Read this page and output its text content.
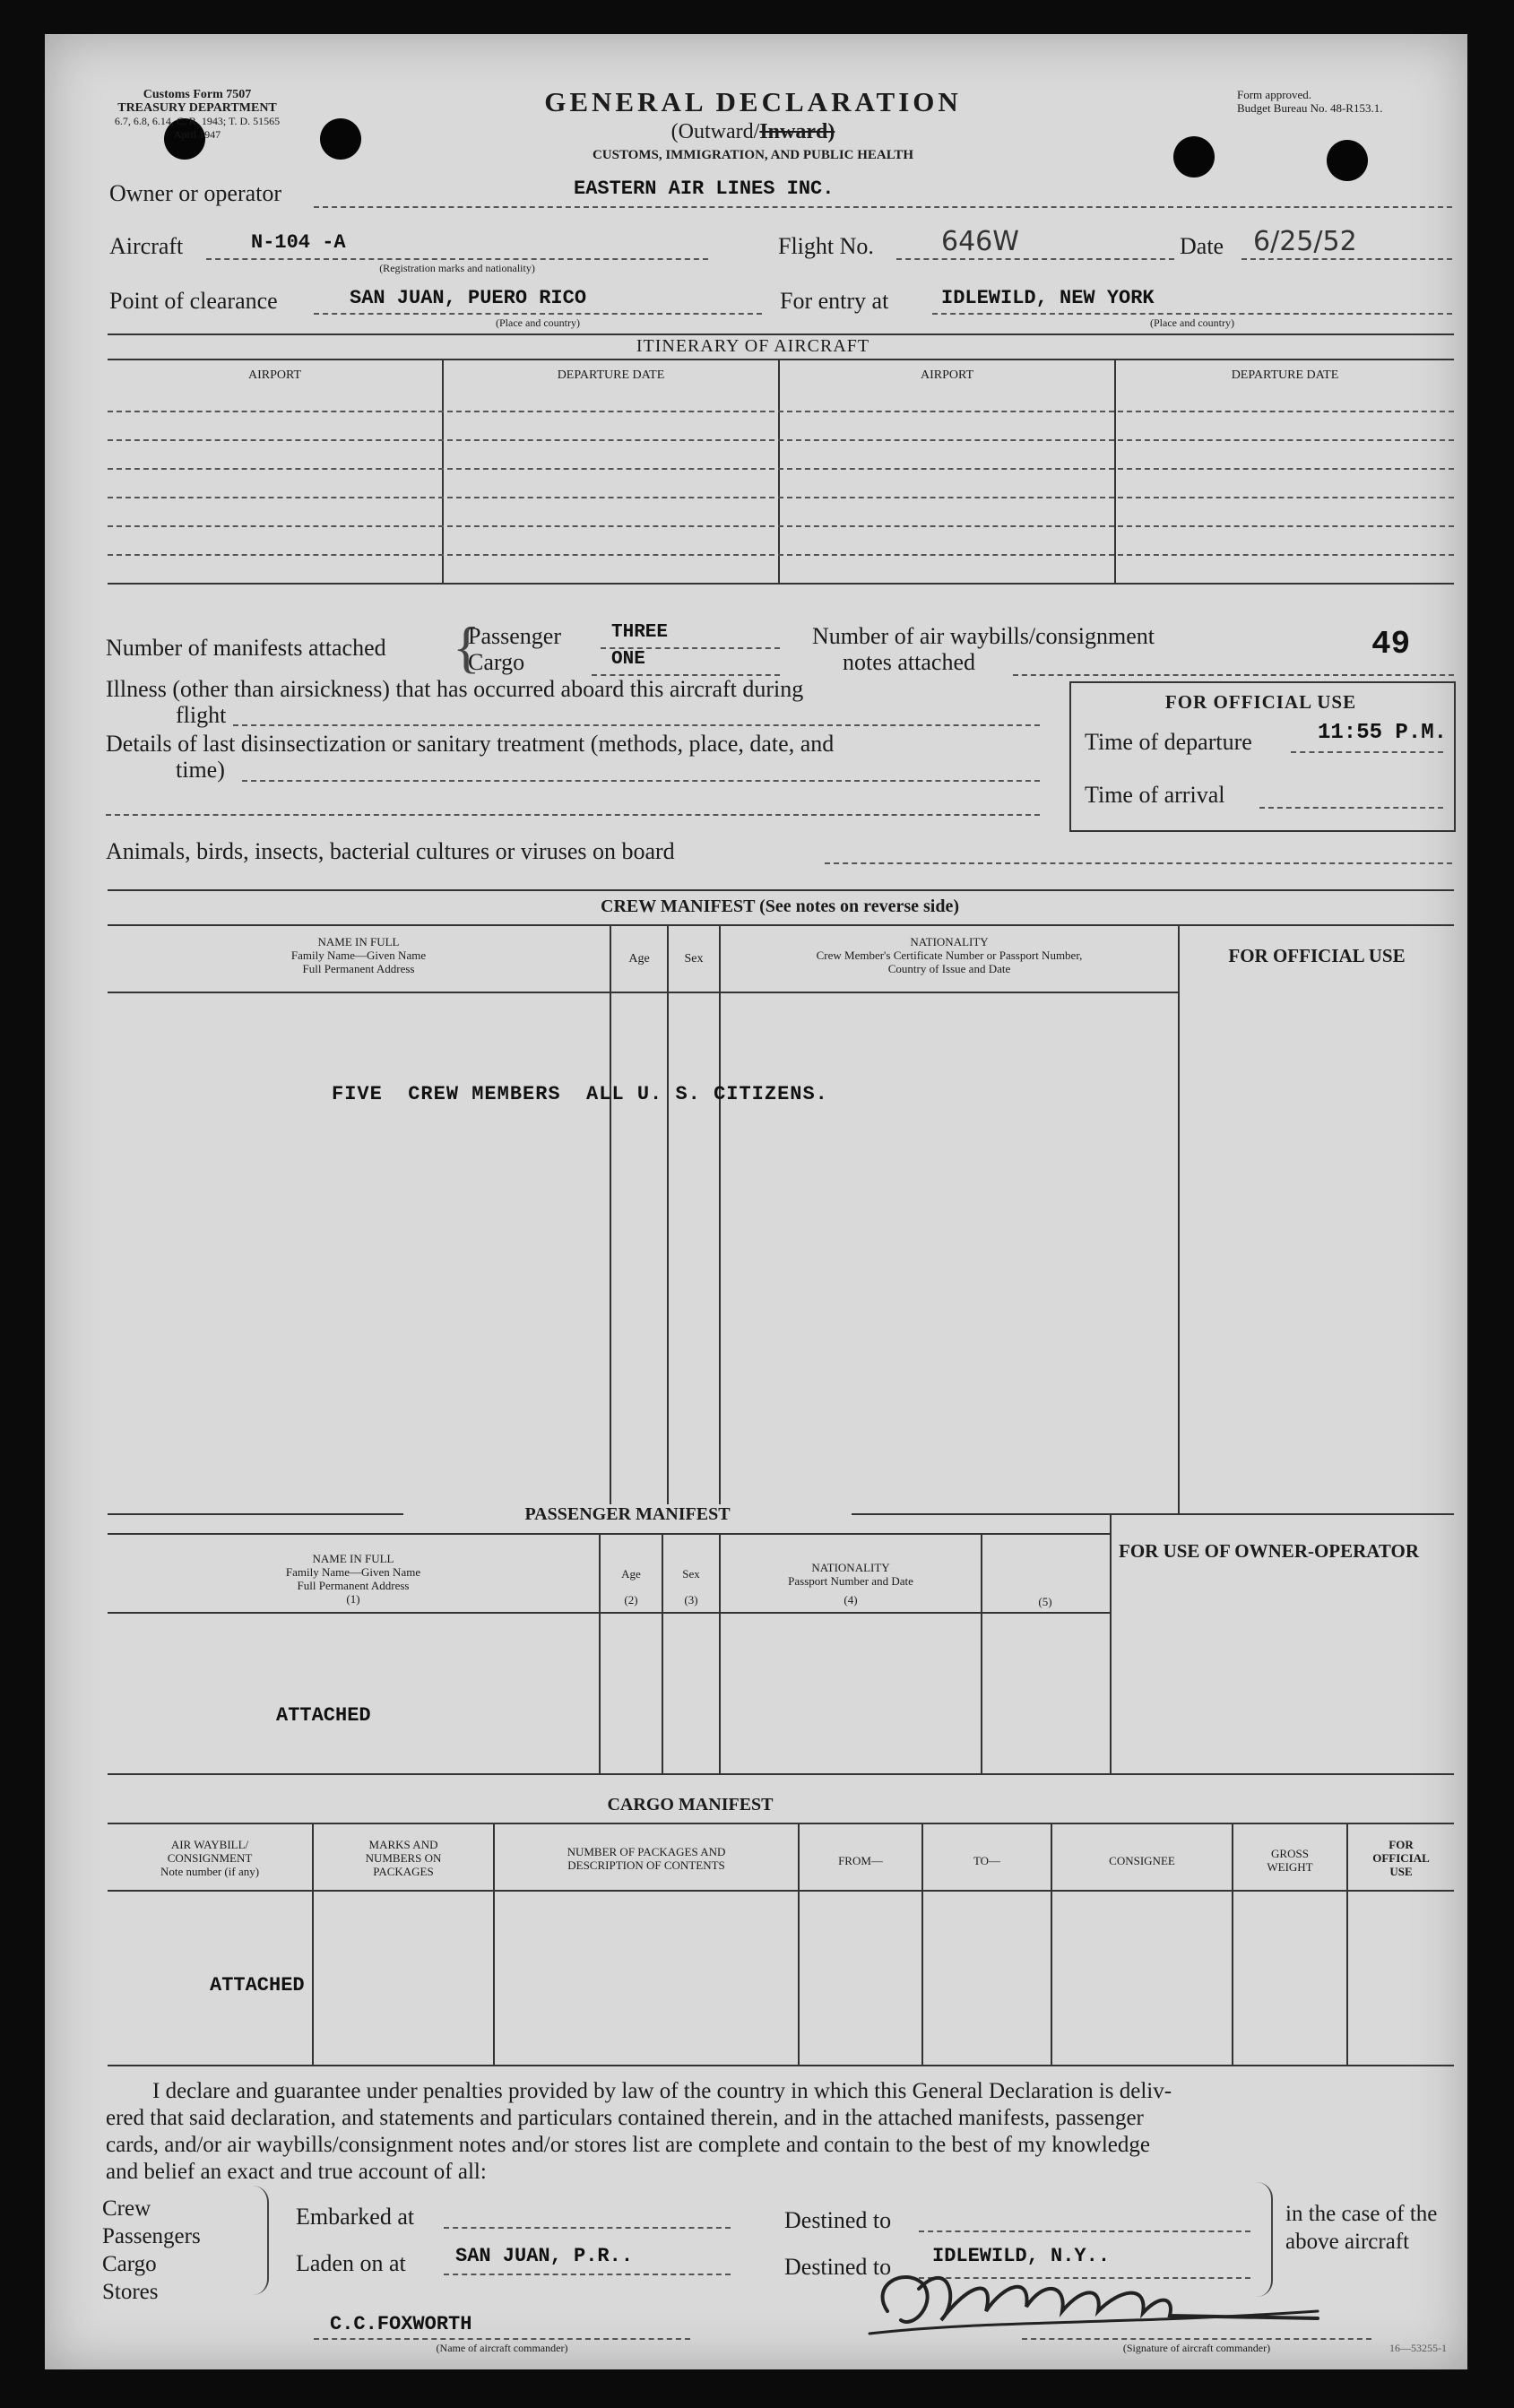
Customs Form 7507
TREASURY DEPARTMENT
6.7, 6.8, 6.14, C. R. 1943; T. D. 51565
April 1947
GENERAL DECLARATION
(Outward/Inward)
CUSTOMS, IMMIGRATION, AND PUBLIC HEALTH
Form approved.
Budget Bureau No. 48-R153.1.
Owner or operator	EASTERN AIR LINES INC.
Aircraft	N-104 -A
(Registration marks and nationality)
Flight No.	646W	Date 6/25/52
Point of clearance	SAN JUAN, PUERO RICO
(Place and country)
For entry at	IDLEWILD, NEW YORK
(Place and country)
ITINERARY OF AIRCRAFT
AIRPORT	DEPARTURE DATE	AIRPORT	DEPARTURE DATE
Number of manifests attached {
Passenger	THREE
Cargo	ONE
Number of air waybills/consignment
notes attached	49
Illness (other than airsickness) that has occurred aboard this aircraft during
flight
Details of last disinsectization or sanitary treatment (methods, place, date, and
time)
FOR OFFICIAL USE
Time of departure	11:55 P.M.
Time of arrival
Animals, birds, insects, bacterial cultures or viruses on board
CREW MANIFEST (See notes on reverse side)
NAME IN FULL
Family Name—Given Name
Full Permanent Address
Age	Sex
NATIONALITY
Crew Member's Certificate Number or Passport Number,
Country of Issue and Date
FOR OFFICIAL USE
FIVE  CREW MEMBERS  ALL U. S. CITIZENS.
PASSENGER MANIFEST
NAME IN FULL
Family Name—Given Name
Full Permanent Address
(1)
Age
(2)
Sex
(3)
NATIONALITY
Passport Number and Date
(4)	(5)
FOR USE OF OWNER-OPERATOR
ATTACHED
CARGO MANIFEST
AIR WAYBILL/
CONSIGNMENT
Note number (if any)
MARKS AND
NUMBERS ON
PACKAGES
NUMBER OF PACKAGES AND
DESCRIPTION OF CONTENTS	FROM—	TO—	CONSIGNEE
GROSS
WEIGHT
FOR
OFFICIAL
USE
ATTACHED
I declare and guarantee under penalties provided by law of the country in which this General Declaration is deliv-
ered that said declaration, and statements and particulars contained therein, and in the attached manifests, passenger
cards, and/or air waybills/consignment notes and/or stores list are complete and contain to the best of my knowledge
and belief an exact and true account of all:
Crew
Passengers
Cargo
Stores
Embarked at
Laden on at	SAN JUAN, P.R..
Destined to
Destined to IDLEWILD, N.Y..
in the case of the
above aircraft
C.C.FOXWORTH
(Name of aircraft commander)	(Signature of aircraft commander)	16—53255-1
